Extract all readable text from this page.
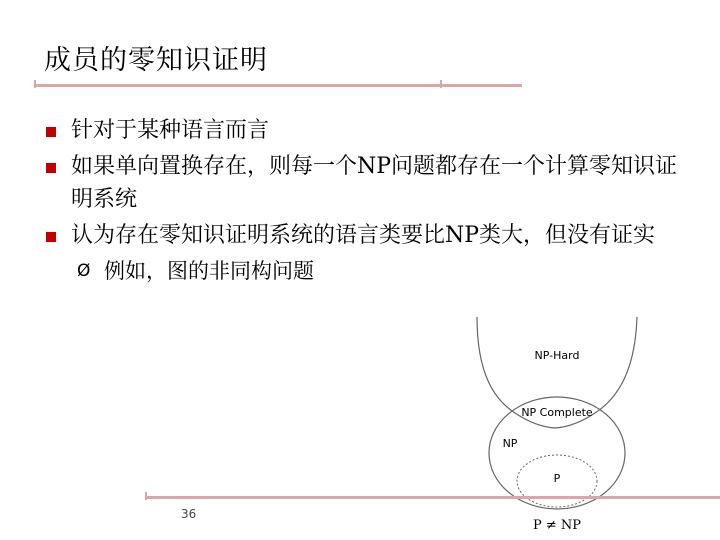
成员的零知识证明
针对于某种语言而言
如果单向置换存在，则每一个NP问题都存在一个计算零知识证明系统
认为存在零知识证明系统的语言类要比NP类大，但没有证实
Ø 例如，图的非同构问题
NP-Hard
NP Complete
NP
P
P ≠ NP
36
